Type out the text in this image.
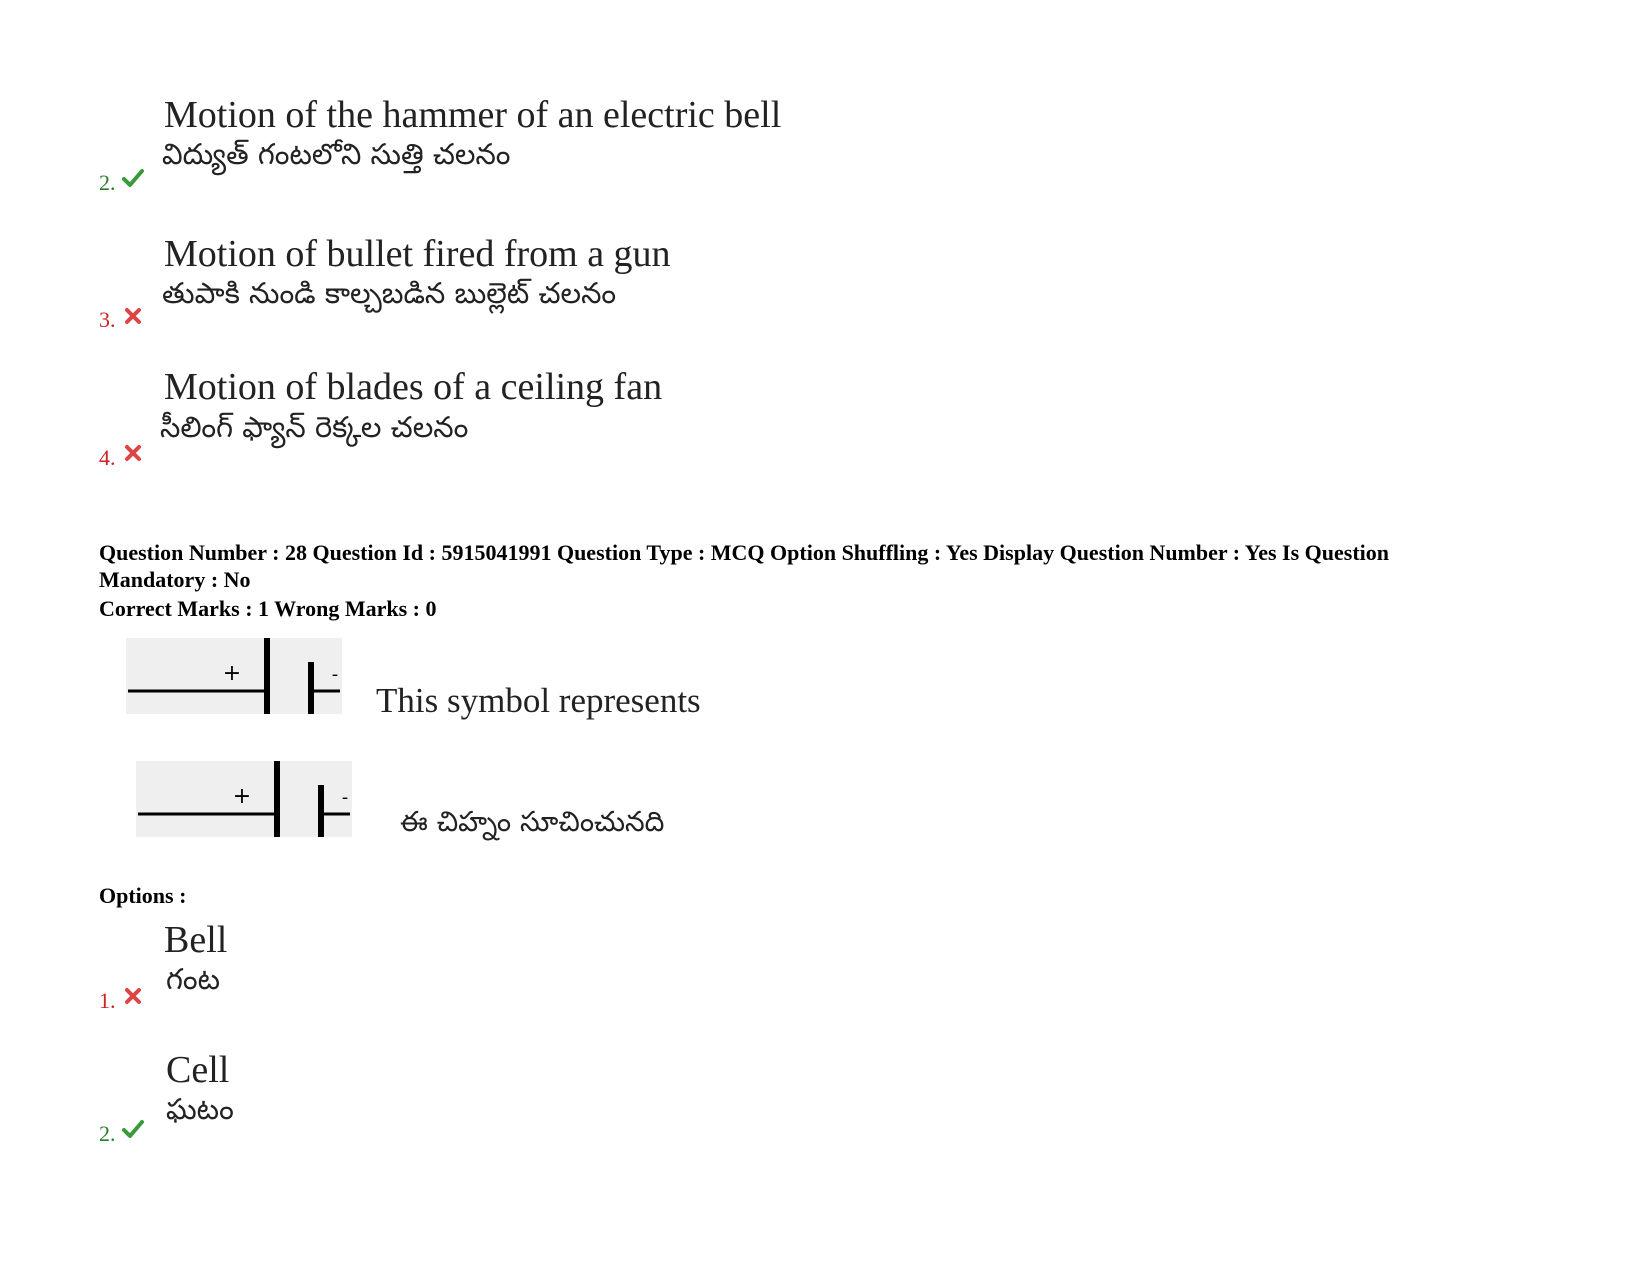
Motion of the hammer of an electric bell
విద్యుత్ గంటలోని సుత్తి చలనం
2.
Motion of bullet fired from a gun
తుపాకి నుండి కాల్చబడిన బుల్లెట్ చలనం
3.
Motion of blades of a ceiling fan
సీలింగ్ ఫ్యాన్ రెక్కల చలనం
4.
Question Number : 28 Question Id : 5915041991 Question Type : MCQ Option Shuffling : Yes Display Question Number : Yes Is Question
Mandatory : No
Correct Marks : 1 Wrong Marks : 0
+	-
This symbol represents
+	-
ఈ చిహ్నం సూచించునది
Options :
Bell
గంట
1.
Cell
ఘటం
2.
